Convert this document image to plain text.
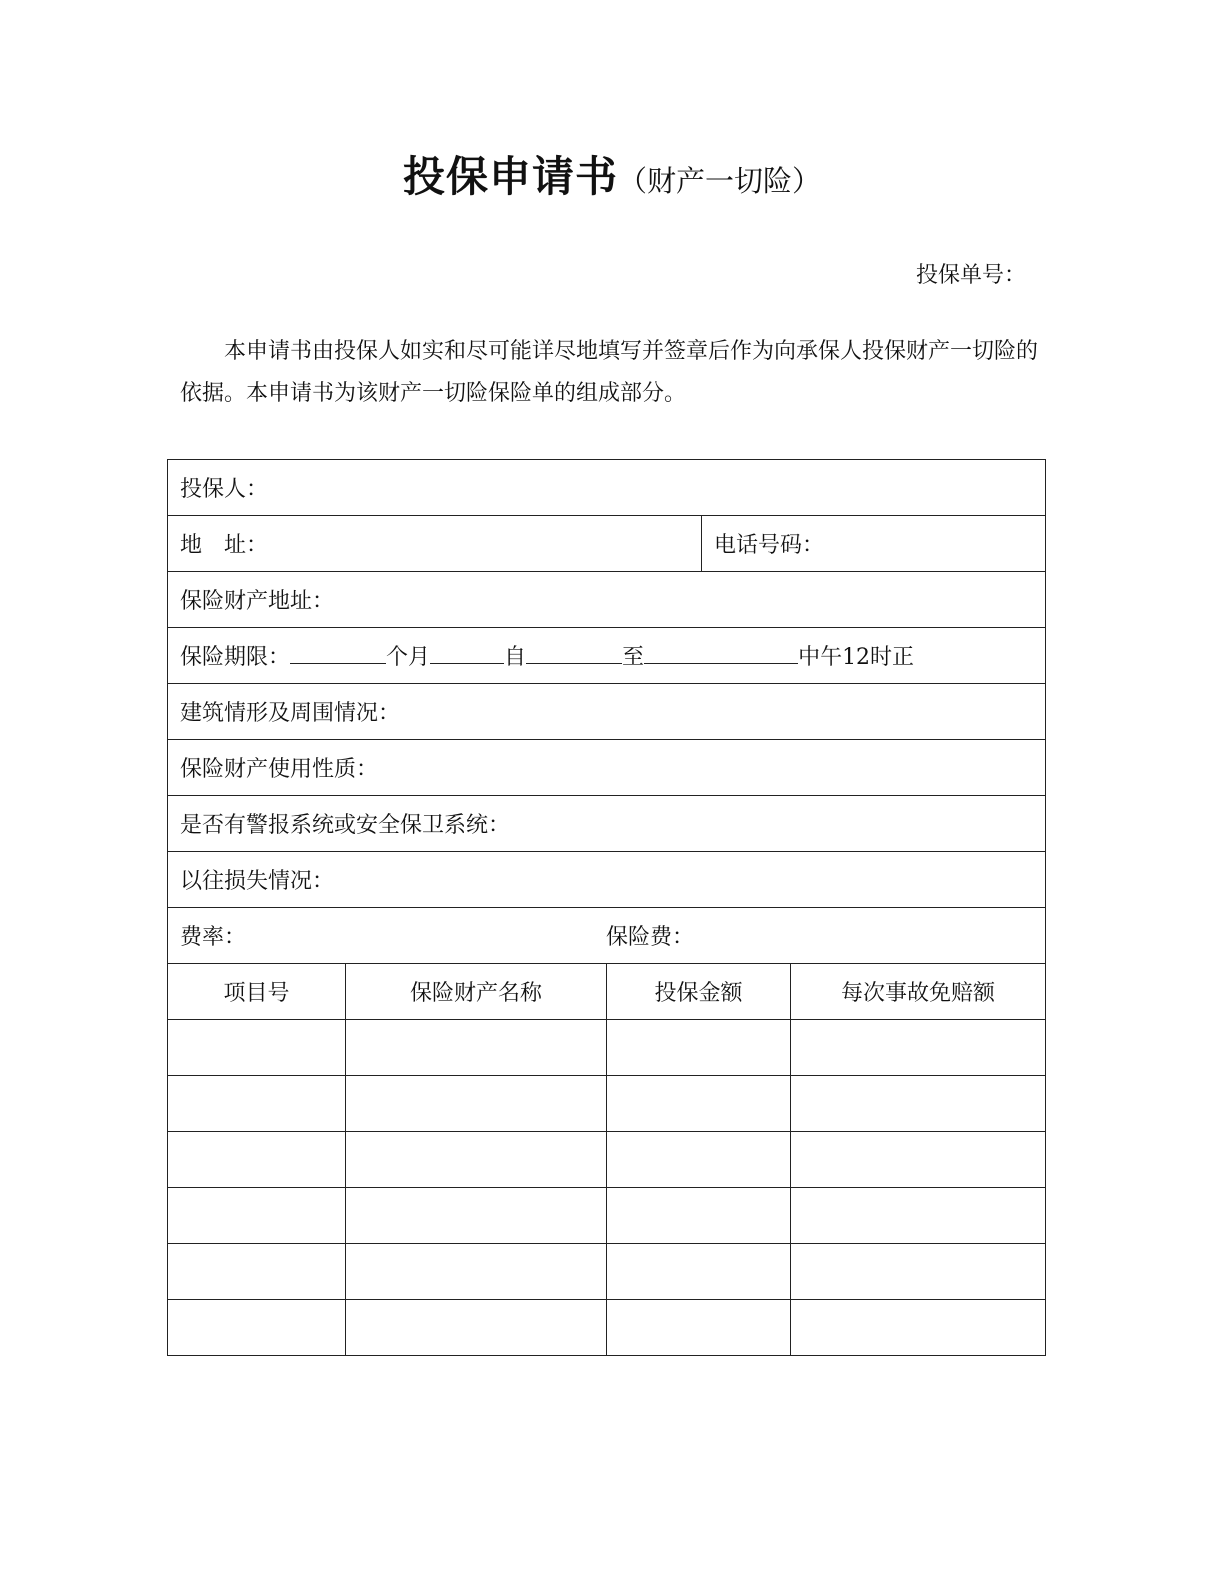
投保申请书（财产一切险）
投保单号：
本申请书由投保人如实和尽可能详尽地填写并签章后作为向承保人投保财产一切险的依据。本申请书为该财产一切险保险单的组成部分。
投保人：				
地　址：			电话号码：	
保险财产地址：				
保险期限： 个月 自 至 中午12时正				
建筑情形及周围情况：				
保险财产使用性质：				
是否有警报系统或安全保卫系统：				
以往损失情况：				
费率： 保险费：				
项目号	保险财产名称	投保金额		每次事故免赔额
